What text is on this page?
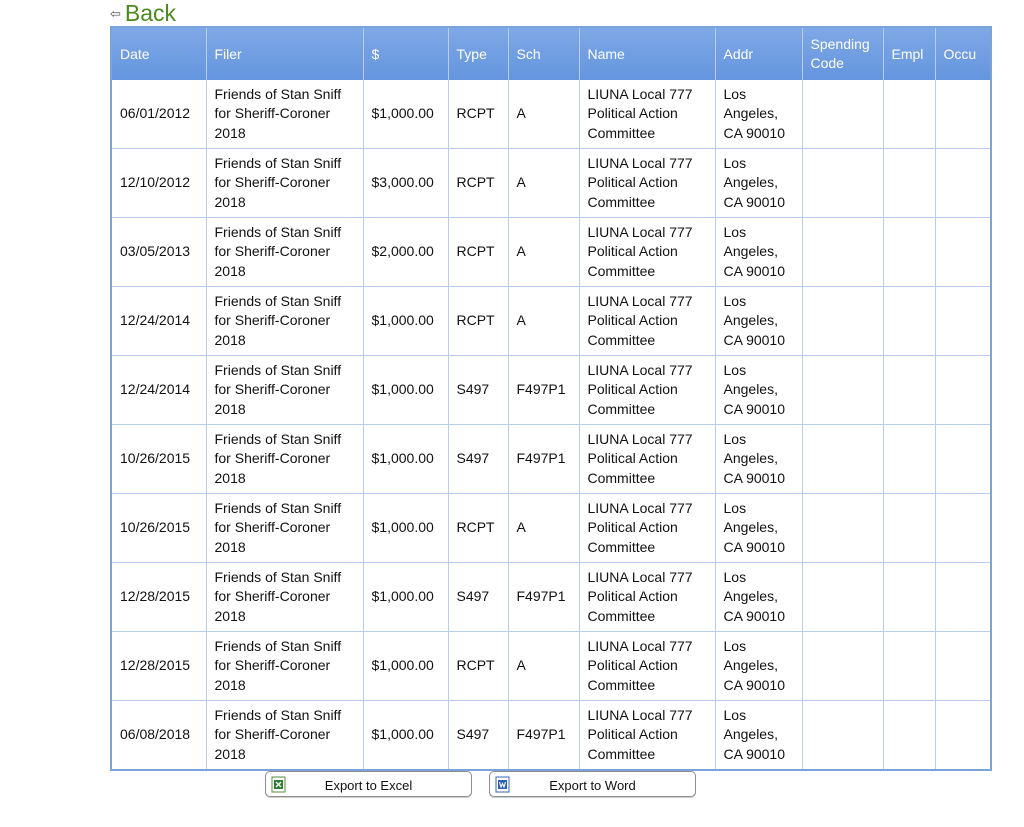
⇦ Back
Date	Filer	$	Type	Sch	Name	Addr	Spending Code	Empl	Occu
06/01/2012	Friends of Stan Sniff for Sheriff-Coroner 2018	$1,000.00	RCPT	A	LIUNA Local 777 Political Action Committee	Los Angeles, CA 90010			
12/10/2012	Friends of Stan Sniff for Sheriff-Coroner 2018	$3,000.00	RCPT	A	LIUNA Local 777 Political Action Committee	Los Angeles, CA 90010			
03/05/2013	Friends of Stan Sniff for Sheriff-Coroner 2018	$2,000.00	RCPT	A	LIUNA Local 777 Political Action Committee	Los Angeles, CA 90010			
12/24/2014	Friends of Stan Sniff for Sheriff-Coroner 2018	$1,000.00	RCPT	A	LIUNA Local 777 Political Action Committee	Los Angeles, CA 90010			
12/24/2014	Friends of Stan Sniff for Sheriff-Coroner 2018	$1,000.00	S497	F497P1	LIUNA Local 777 Political Action Committee	Los Angeles, CA 90010			
10/26/2015	Friends of Stan Sniff for Sheriff-Coroner 2018	$1,000.00	S497	F497P1	LIUNA Local 777 Political Action Committee	Los Angeles, CA 90010			
10/26/2015	Friends of Stan Sniff for Sheriff-Coroner 2018	$1,000.00	RCPT	A	LIUNA Local 777 Political Action Committee	Los Angeles, CA 90010			
12/28/2015	Friends of Stan Sniff for Sheriff-Coroner 2018	$1,000.00	S497	F497P1	LIUNA Local 777 Political Action Committee	Los Angeles, CA 90010			
12/28/2015	Friends of Stan Sniff for Sheriff-Coroner 2018	$1,000.00	RCPT	A	LIUNA Local 777 Political Action Committee	Los Angeles, CA 90010			
06/08/2018	Friends of Stan Sniff for Sheriff-Coroner 2018	$1,000.00	S497	F497P1	LIUNA Local 777 Political Action Committee	Los Angeles, CA 90010			
Export to Excel	Export to Word
